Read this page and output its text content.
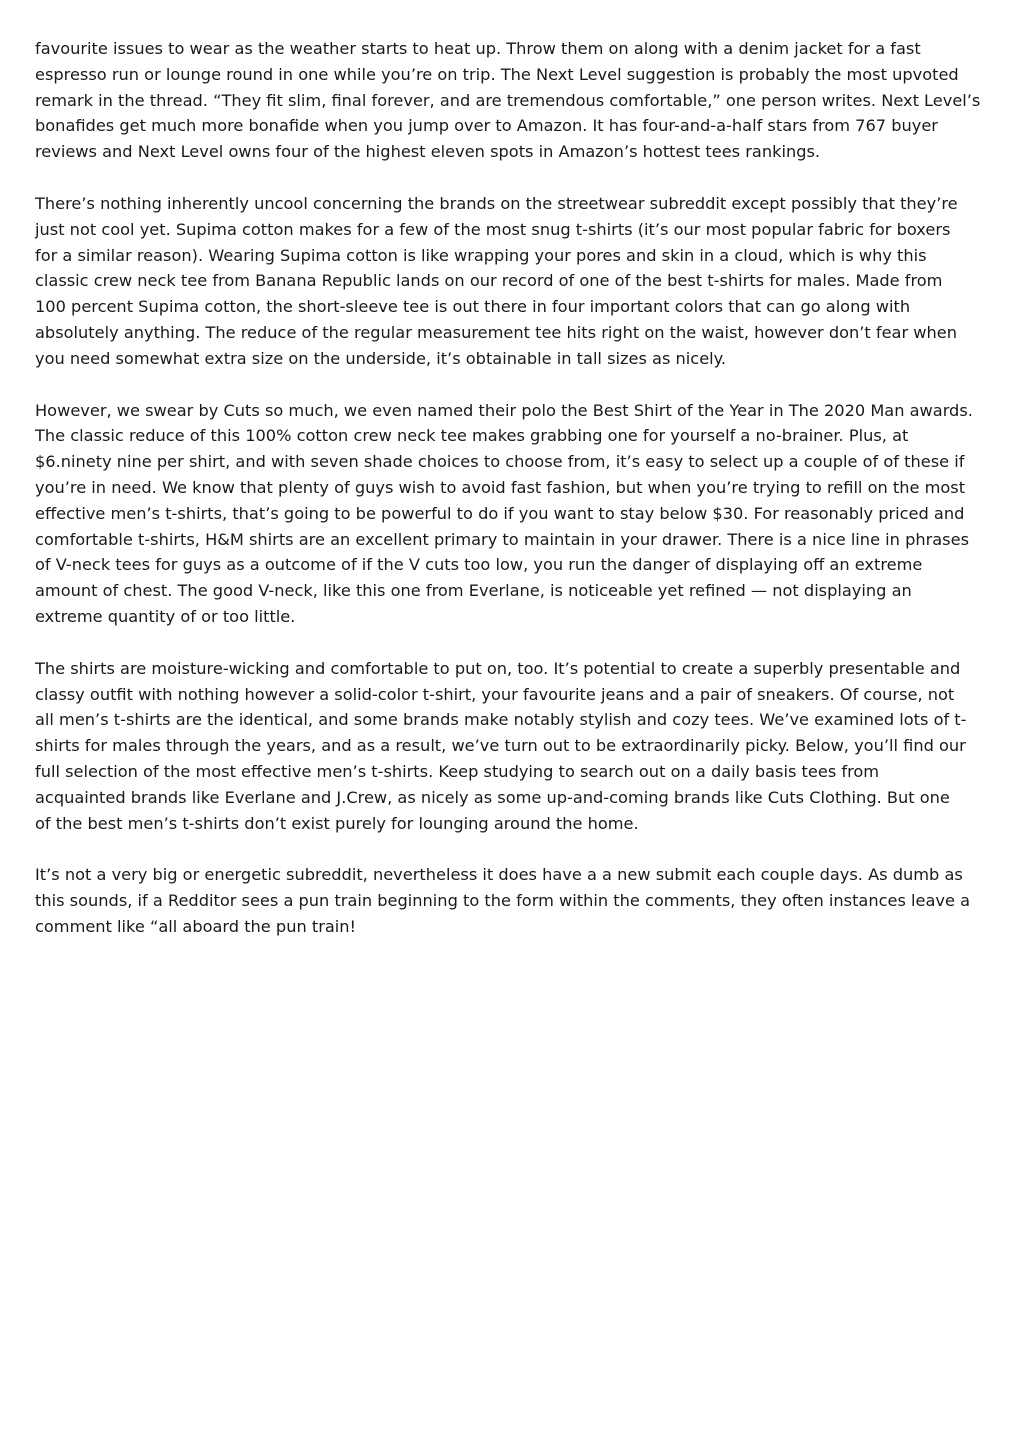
favourite issues to wear as the weather starts to heat up. Throw them on along with a denim jacket for a fast
espresso run or lounge round in one while you’re on trip. The Next Level suggestion is probably the most upvoted
remark in the thread. “They fit slim, final forever, and are tremendous comfortable,” one person writes. Next Level’s
bonafides get much more bonafide when you jump over to Amazon. It has four-and-a-half stars from 767 buyer
reviews and Next Level owns four of the highest eleven spots in Amazon’s hottest tees rankings.

There’s nothing inherently uncool concerning the brands on the streetwear subreddit except possibly that they’re
just not cool yet. Supima cotton makes for a few of the most snug t-shirts (it’s our most popular fabric for boxers
for a similar reason). Wearing Supima cotton is like wrapping your pores and skin in a cloud, which is why this
classic crew neck tee from Banana Republic lands on our record of one of the best t-shirts for males. Made from
100 percent Supima cotton, the short-sleeve tee is out there in four important colors that can go along with
absolutely anything. The reduce of the regular measurement tee hits right on the waist, however don’t fear when
you need somewhat extra size on the underside, it’s obtainable in tall sizes as nicely.

However, we swear by Cuts so much, we even named their polo the Best Shirt of the Year in The 2020 Man awards.
The classic reduce of this 100% cotton crew neck tee makes grabbing one for yourself a no-brainer. Plus, at
$6.ninety nine per shirt, and with seven shade choices to choose from, it’s easy to select up a couple of of these if
you’re in need. We know that plenty of guys wish to avoid fast fashion, but when you’re trying to refill on the most
effective men’s t-shirts, that’s going to be powerful to do if you want to stay below $30. For reasonably priced and
comfortable t-shirts, H&M shirts are an excellent primary to maintain in your drawer. There is a nice line in phrases
of V-neck tees for guys as a outcome of if the V cuts too low, you run the danger of displaying off an extreme
amount of chest. The good V-neck, like this one from Everlane, is noticeable yet refined — not displaying an
extreme quantity of or too little.

The shirts are moisture-wicking and comfortable to put on, too. It’s potential to create a superbly presentable and
classy outfit with nothing however a solid-color t-shirt, your favourite jeans and a pair of sneakers. Of course, not
all men’s t-shirts are the identical, and some brands make notably stylish and cozy tees. We’ve examined lots of t-
shirts for males through the years, and as a result, we’ve turn out to be extraordinarily picky. Below, you’ll find our
full selection of the most effective men’s t-shirts. Keep studying to search out on a daily basis tees from
acquainted brands like Everlane and J.Crew, as nicely as some up-and-coming brands like Cuts Clothing. But one
of the best men’s t-shirts don’t exist purely for lounging around the home.

It’s not a very big or energetic subreddit, nevertheless it does have a a new submit each couple days. As dumb as
this sounds, if a Redditor sees a pun train beginning to the form within the comments, they often instances leave a
comment like “all aboard the pun train!
